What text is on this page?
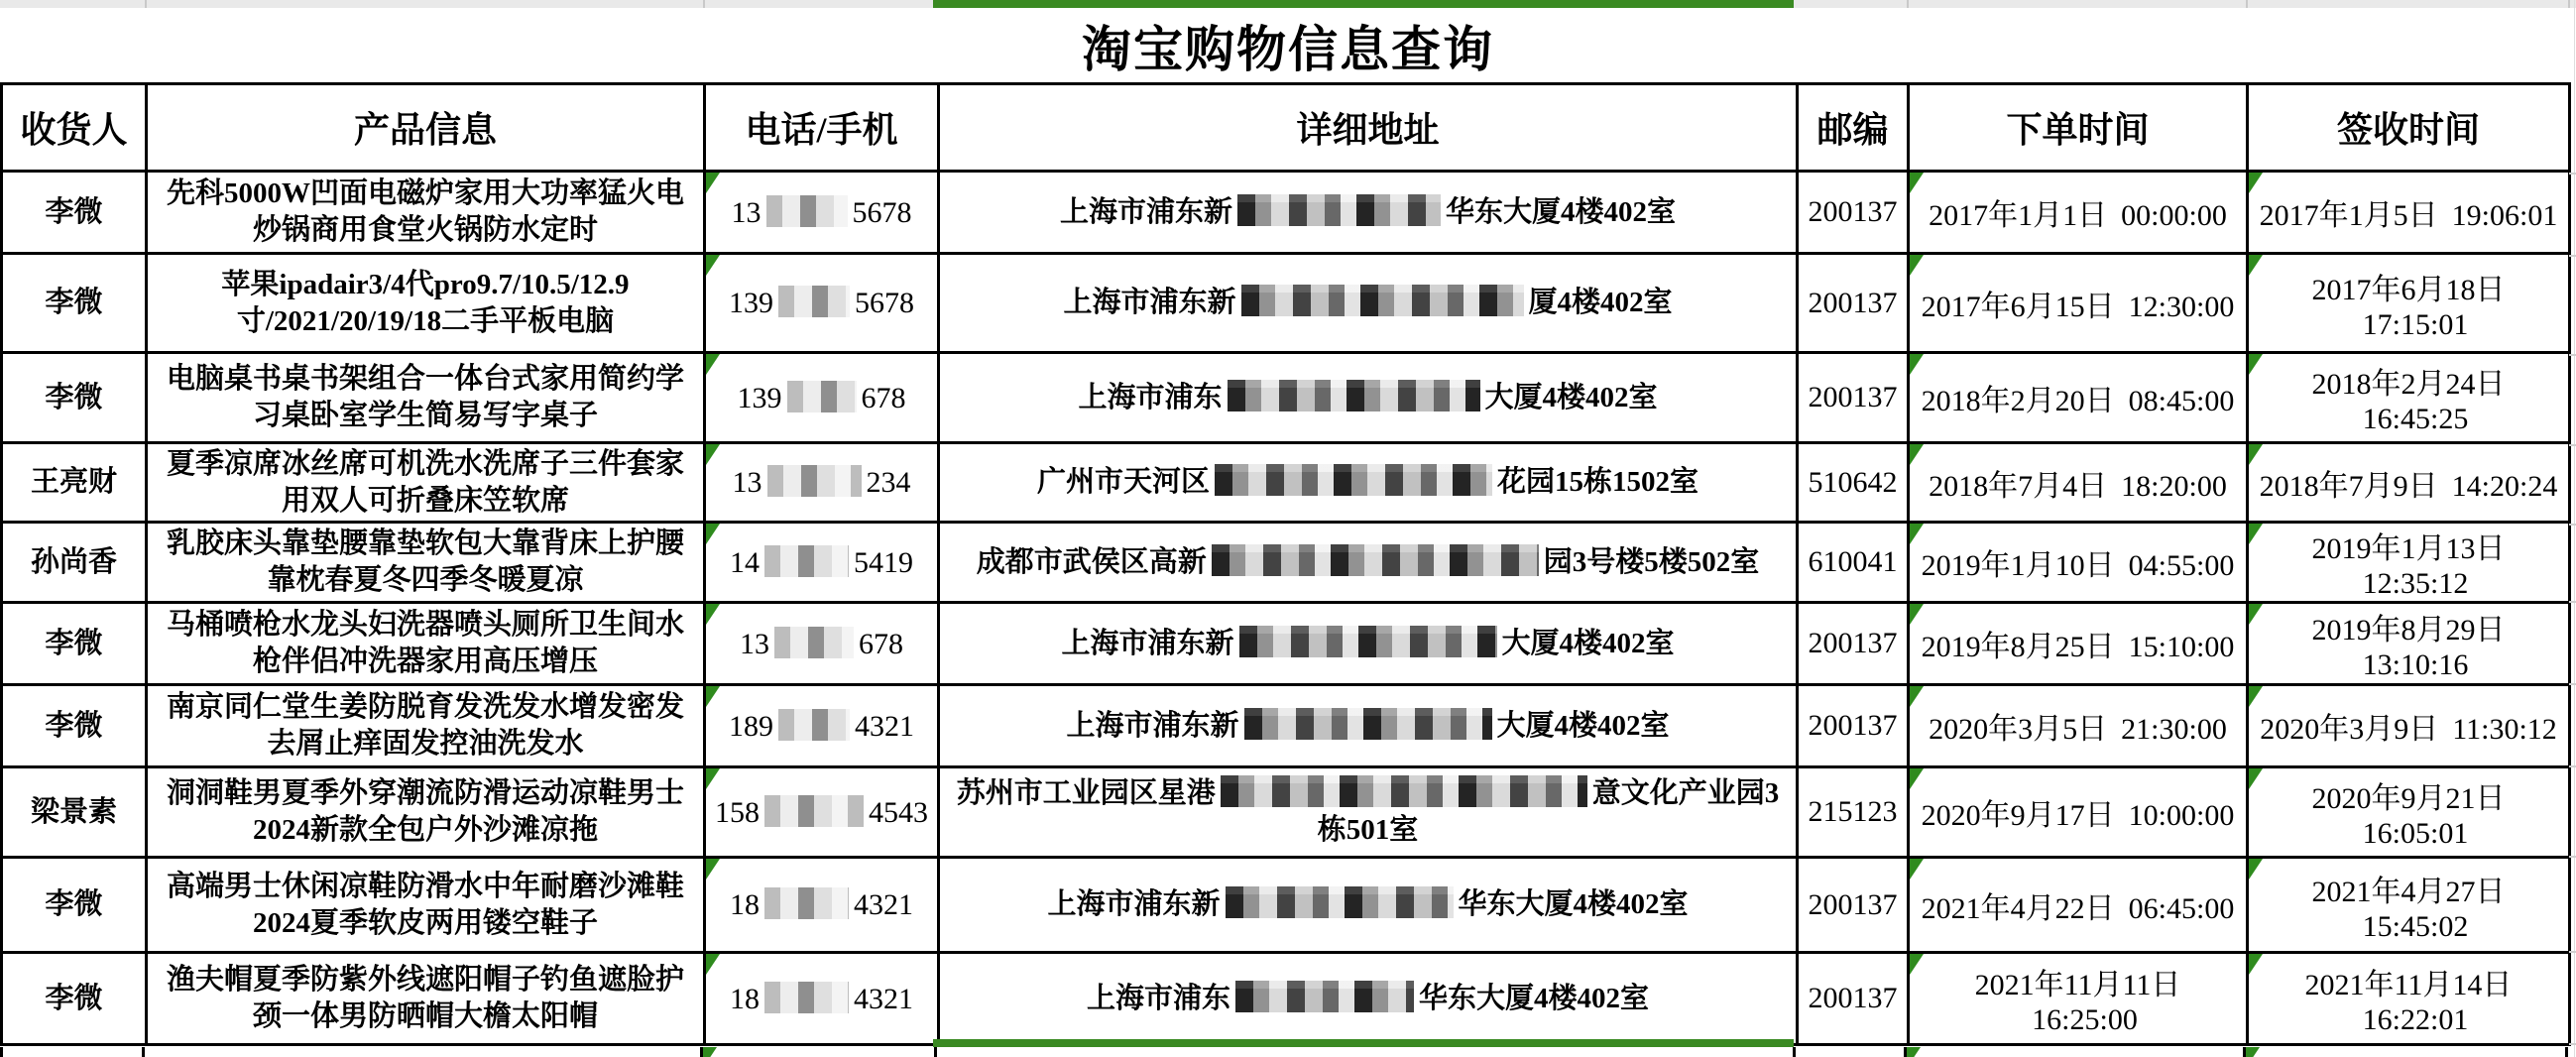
淘宝购物信息查询
收货人	产品信息	电话/手机	详细地址	邮编	下单时间	签收时间
李微	先科5000W凹面电磁炉家用大功率猛火电炒锅商用食堂火锅防水定时	13 5678	上海市浦东新 华东大厦4楼402室	200137	2017年1月1日 00:00:00	2017年1月5日 19:06:01
李微	苹果ipadair3/4代pro9.7/10.5/12.9寸/2021/20/19/18二手平板电脑	139 5678	上海市浦东新 厦4楼402室	200137	2017年6月15日 12:30:00	2017年6月18日17:15:01
李微	电脑桌书桌书架组合一体台式家用简约学习桌卧室学生简易写字桌子	139 678	上海市浦东 大厦4楼402室	200137	2018年2月20日 08:45:00	2018年2月24日16:45:25
王亮财	夏季凉席冰丝席可机洗水洗席子三件套家用双人可折叠床笠软席	13 234	广州市天河区 花园15栋1502室	510642	2018年7月4日 18:20:00	2018年7月9日 14:20:24
孙尚香	乳胶床头靠垫腰靠垫软包大靠背床上护腰靠枕春夏冬四季冬暖夏凉	14 5419	成都市武侯区高新 园3号楼5楼502室	610041	2019年1月10日 04:55:00	2019年1月13日12:35:12
李微	马桶喷枪水龙头妇洗器喷头厕所卫生间水枪伴侣冲洗器家用高压增压	13 678	上海市浦东新 大厦4楼402室	200137	2019年8月25日 15:10:00	2019年8月29日13:10:16
李微	南京同仁堂生姜防脱育发洗发水增发密发去屑止痒固发控油洗发水	189 4321	上海市浦东新 大厦4楼402室	200137	2020年3月5日 21:30:00	2020年3月9日 11:30:12
梁景素	洞洞鞋男夏季外穿潮流防滑运动凉鞋男士2024新款全包户外沙滩凉拖	158 4543	苏州市工业园区星港 意文化产业园3栋501室	215123	2020年9月17日 10:00:00	2020年9月21日16:05:01
李微	高端男士休闲凉鞋防滑水中年耐磨沙滩鞋2024夏季软皮两用镂空鞋子	18 4321	上海市浦东新 华东大厦4楼402室	200137	2021年4月22日 06:45:00	2021年4月27日15:45:02
李微	渔夫帽夏季防紫外线遮阳帽子钓鱼遮脸护颈一体男防晒帽大檐太阳帽	18 4321	上海市浦东 华东大厦4楼402室	200137	2021年11月11日16:25:00	2021年11月14日16:22:01
